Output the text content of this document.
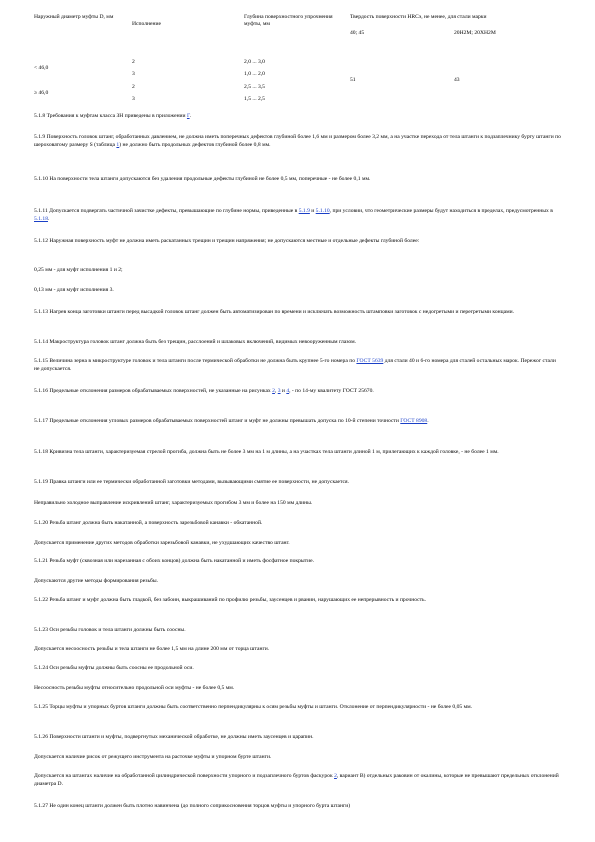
Наружный диаметр муфты D, мм
Исполнение
Глубина поверхностного упрочнения муфты, мм
Твердость поверхности HRCэ, не менее, для стали марки
40; 45	20Н2М; 20ХН2М
< 46,0
≥ 46,0
2
3
2
3
2,0 ... 3,0
1,0 ... 2,0
2,5 ... 3,5
1,5 ... 2,5
51	43

5.1.8 Требования к муфтам класса ЗН приведены в приложении Г.

5.1.9 Поверхность головок штанг, обработанных давлением, не должна иметь поперечных дефектов глубиной более 1,6 мм и размером более 3,2 мм, а на участке перехода от тела штанги к подзаплечнику бурту штанги по шероховатому размеру S (таблица 1) не должно быть продольных дефектов глубиной более 0,8 мм.

5.1.10 На поверхности тела штанги допускаются без удаления продольные дефекты глубиной не более 0,5 мм, поперечные - не более 0,1 мм.

5.1.11 Допускается подвергать частичной зачистке дефекты, превышающие по глубине нормы, приведенные в 5.1.9 и 5.1.10, при условии, что геометрические размеры будут находиться в пределах, предусмотренных в 5.1.18.

5.1.12 Наружная поверхность муфт не должна иметь раскатанных трещин и трещин напряжения; не допускаются местные и отдельные дефекты глубиной более:

0,25 мм - для муфт исполнения 1 и 2;

0,13 мм - для муфт исполнения 3.

5.1.13 Нагрев конца заготовки штанги перед высадкой головок штанг должен быть автоматизирован по времени и исключать возможность штамповки заготовок с недогретыми и перегретыми концами.

5.1.14 Макроструктура головок штанг должна быть без трещин, расслоений и шлаковых включений, видимых невооруженным глазом.

5.1.15 Величина зерна в микроструктуре головок и тела штанги после термической обработки не должна быть крупнее 5-го номера по ГОСТ 5639 для стали 40 и 6-го номера для сталей остальных марок. Пережог стали не допускается.

5.1.16 Предельные отклонения размеров обрабатываемых поверхностей, не указанные на рисунках 2, 3 и 4, - по 14-му квалитету ГОСТ 25670.

5.1.17 Предельные отклонения угловых размеров обрабатываемых поверхностей штанг и муфт не должны превышать допуска по 10-й степени точности ГОСТ 8908.

5.1.18 Кривизна тела штанги, характеризуемая стрелой прогиба, должна быть не более 3 мм на 1 м длины, а на участках тела штанги длиной 1 м, прилегающих к каждой головке, - не более 1 мм.

5.1.19 Правка штанги или ее термически обработанной заготовки методами, вызывающими смятие ее поверхности, не допускается.

Неправильно холодное выправление искривлений штанг, характеризуемых прогибом 3 мм и более на 150 мм длины.

5.1.20 Резьба штанг должна быть накатанной, а поверхность зарезьбовой канавки - обкатанной.

Допускается применение других методов обработки зарезьбовой канавки, не ухудшающих качество штанг.

5.1.21 Резьба муфт (сквозная или нарезанная с обоих концов) должна быть накатанной и иметь фосфатное покрытие.

Допускаются другие методы формирования резьбы.

5.1.22 Резьба штанг и муфт должна быть гладкой, без забоин, выкрашиваний по профилю резьбы, заусенцев и рванин, нарушающих ее непрерывность и прочность.

5.1.23 Оси резьбы головок и тела штанги должны быть соосны.

Допускается несоосность резьбы и тела штанги не более 1,5 мм на длине 200 мм от торца штанги.

5.1.24 Оси резьбы муфты должны быть соосны ее продольной оси.

Несоосность резьбы муфты относительно продольной оси муфты - не более 0,5 мм.

5.1.25 Торцы муфты и упорных буртов штанги должны быть соответственно перпендикулярны к осям резьбы муфты и штанги. Отклонение от перпендикулярности - не более 0,05 мм.

5.1.26 Поверхности штанги и муфты, подвергнутых механической обработке, не должны иметь заусенцев и царапин.

Допускается наличие рисок от режущего инструмента на расточке муфты и упорном бурте штанги.

Допускается на штангах наличие на обработанной цилиндрической поверхности упорного и подзаплечного буртов фаскурок 2, вариант В) отдельных раковин от окалины, которые не превышают предельных отклонений диаметра D.

5.1.27 Не один конец штанги должен быть плотно навинчена (до полного соприкосновения торцов муфты и упорного бурта штанги)
